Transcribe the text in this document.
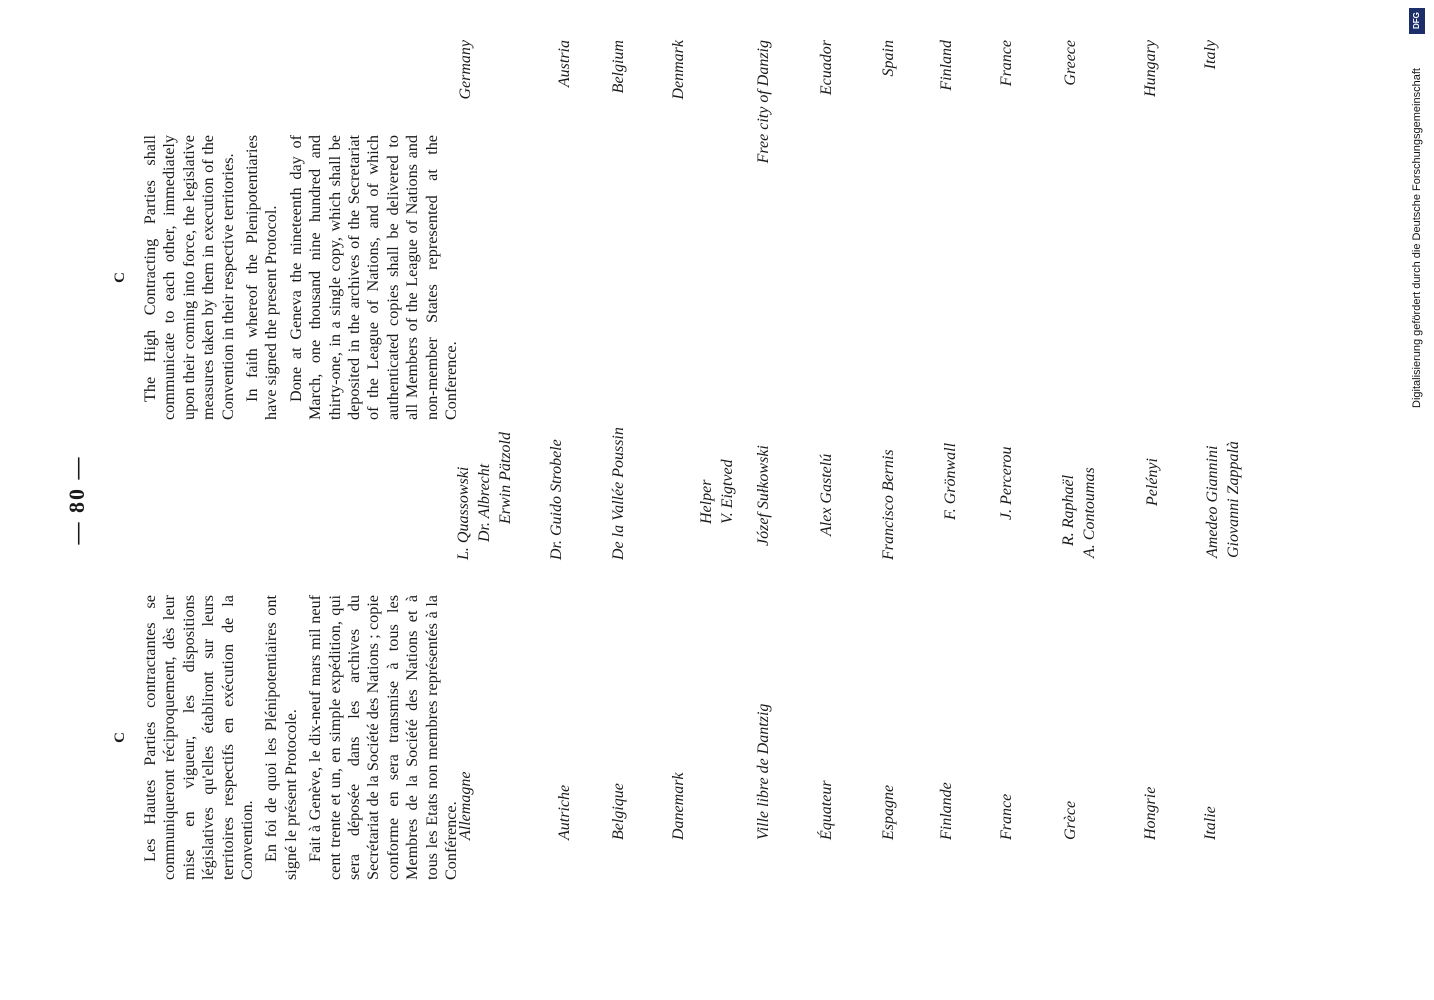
— 80 —
C Les Hautes Parties contractantes se communiqueront réciproquement, dès leur mise en vigueur, les dispositions législatives qu'elles établiront sur leurs territoires respectifs en exécution de la Convention. En foi de quoi les Plénipotentiaires ont signé le présent Protocole. Fait à Genève, le dix-neuf mars mil neuf cent trente et un, en simple expédition, qui sera déposée dans les archives du Secrétariat de la Société des Nations ; copie conforme en sera transmise à tous les Membres de la Société des Nations et à tous les Etats non membres représentés à la Conférence.

C The High Contracting Parties shall communicate to each other, immediately upon their coming into force, the legislative measures taken by them in execution of the Convention in their respective territories. In faith whereof the Plenipotentiaries have signed the present Protocol. Done at Geneva the nineteenth day of March, one thousand nine hundred and thirty-one, in a single copy, which shall be deposited in the archives of the Secretariat of the League of Nations, and of which authenticated copies shall be delivered to all Members of the League of Nations and non-member States represented at the Conference.

Allemagne
L. Quassowski Dr. Albrecht Erwin Pätzold
Germany
Autriche
Dr. Guido Strobele
Austria
Belgique
De la Vallée Poussin
Belgium
Danemark
Helper V. Eigtved
Denmark
Ville libre de Dantzig
Józef Sułkowski
Free city of Danzig
Équateur
Alex Gastelú
Ecuador
Espagne
Francisco Bernis
Spain
Finlande
F. Grönwall
Finland
France
J. Percerou
France
Grèce
R. Raphaël A. Contoumas
Greece
Hongrie
Pelényi
Hungary
Italie
Amedeo Giannini Giovanni Zappalà
Italy
DFG
Digitalisierung gefördert durch die Deutsche Forschungsgemeinschaft
